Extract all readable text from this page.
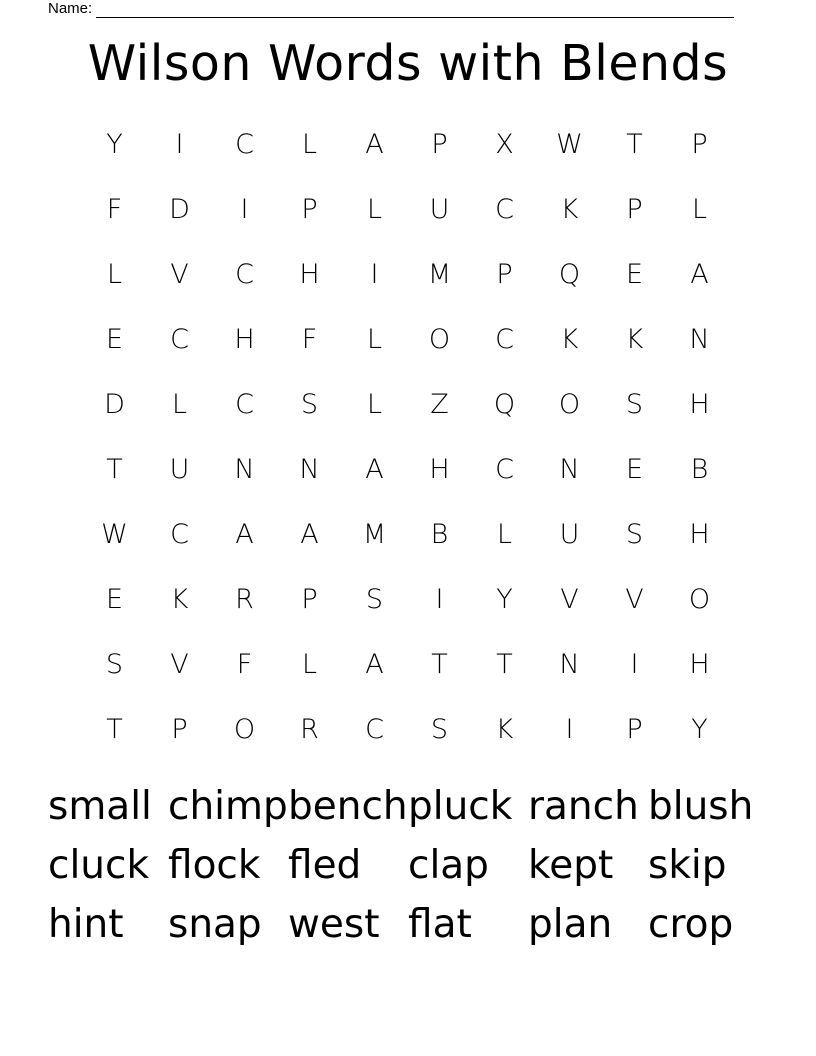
Name:
Wilson Words with Blends
Y	I	C	L	A	P	X	W	T	P
F	D	I	P	L	U	C	K	P	L
L	V	C	H	I	M	P	Q	E	A
E	C	H	F	L	O	C	K	K	N
D	L	C	S	L	Z	Q	O	S	H
T	U	N	N	A	H	C	N	E	B
W	C	A	A	M	B	L	U	S	H
E	K	R	P	S	I	Y	V	V	O
S	V	F	L	A	T	T	N	I	H
T	P	O	R	C	S	K	I	P	Y
small chimp bench pluck ranch blush
cluck flock fled	clap	kept skip
hint	snap west flat	plan crop
